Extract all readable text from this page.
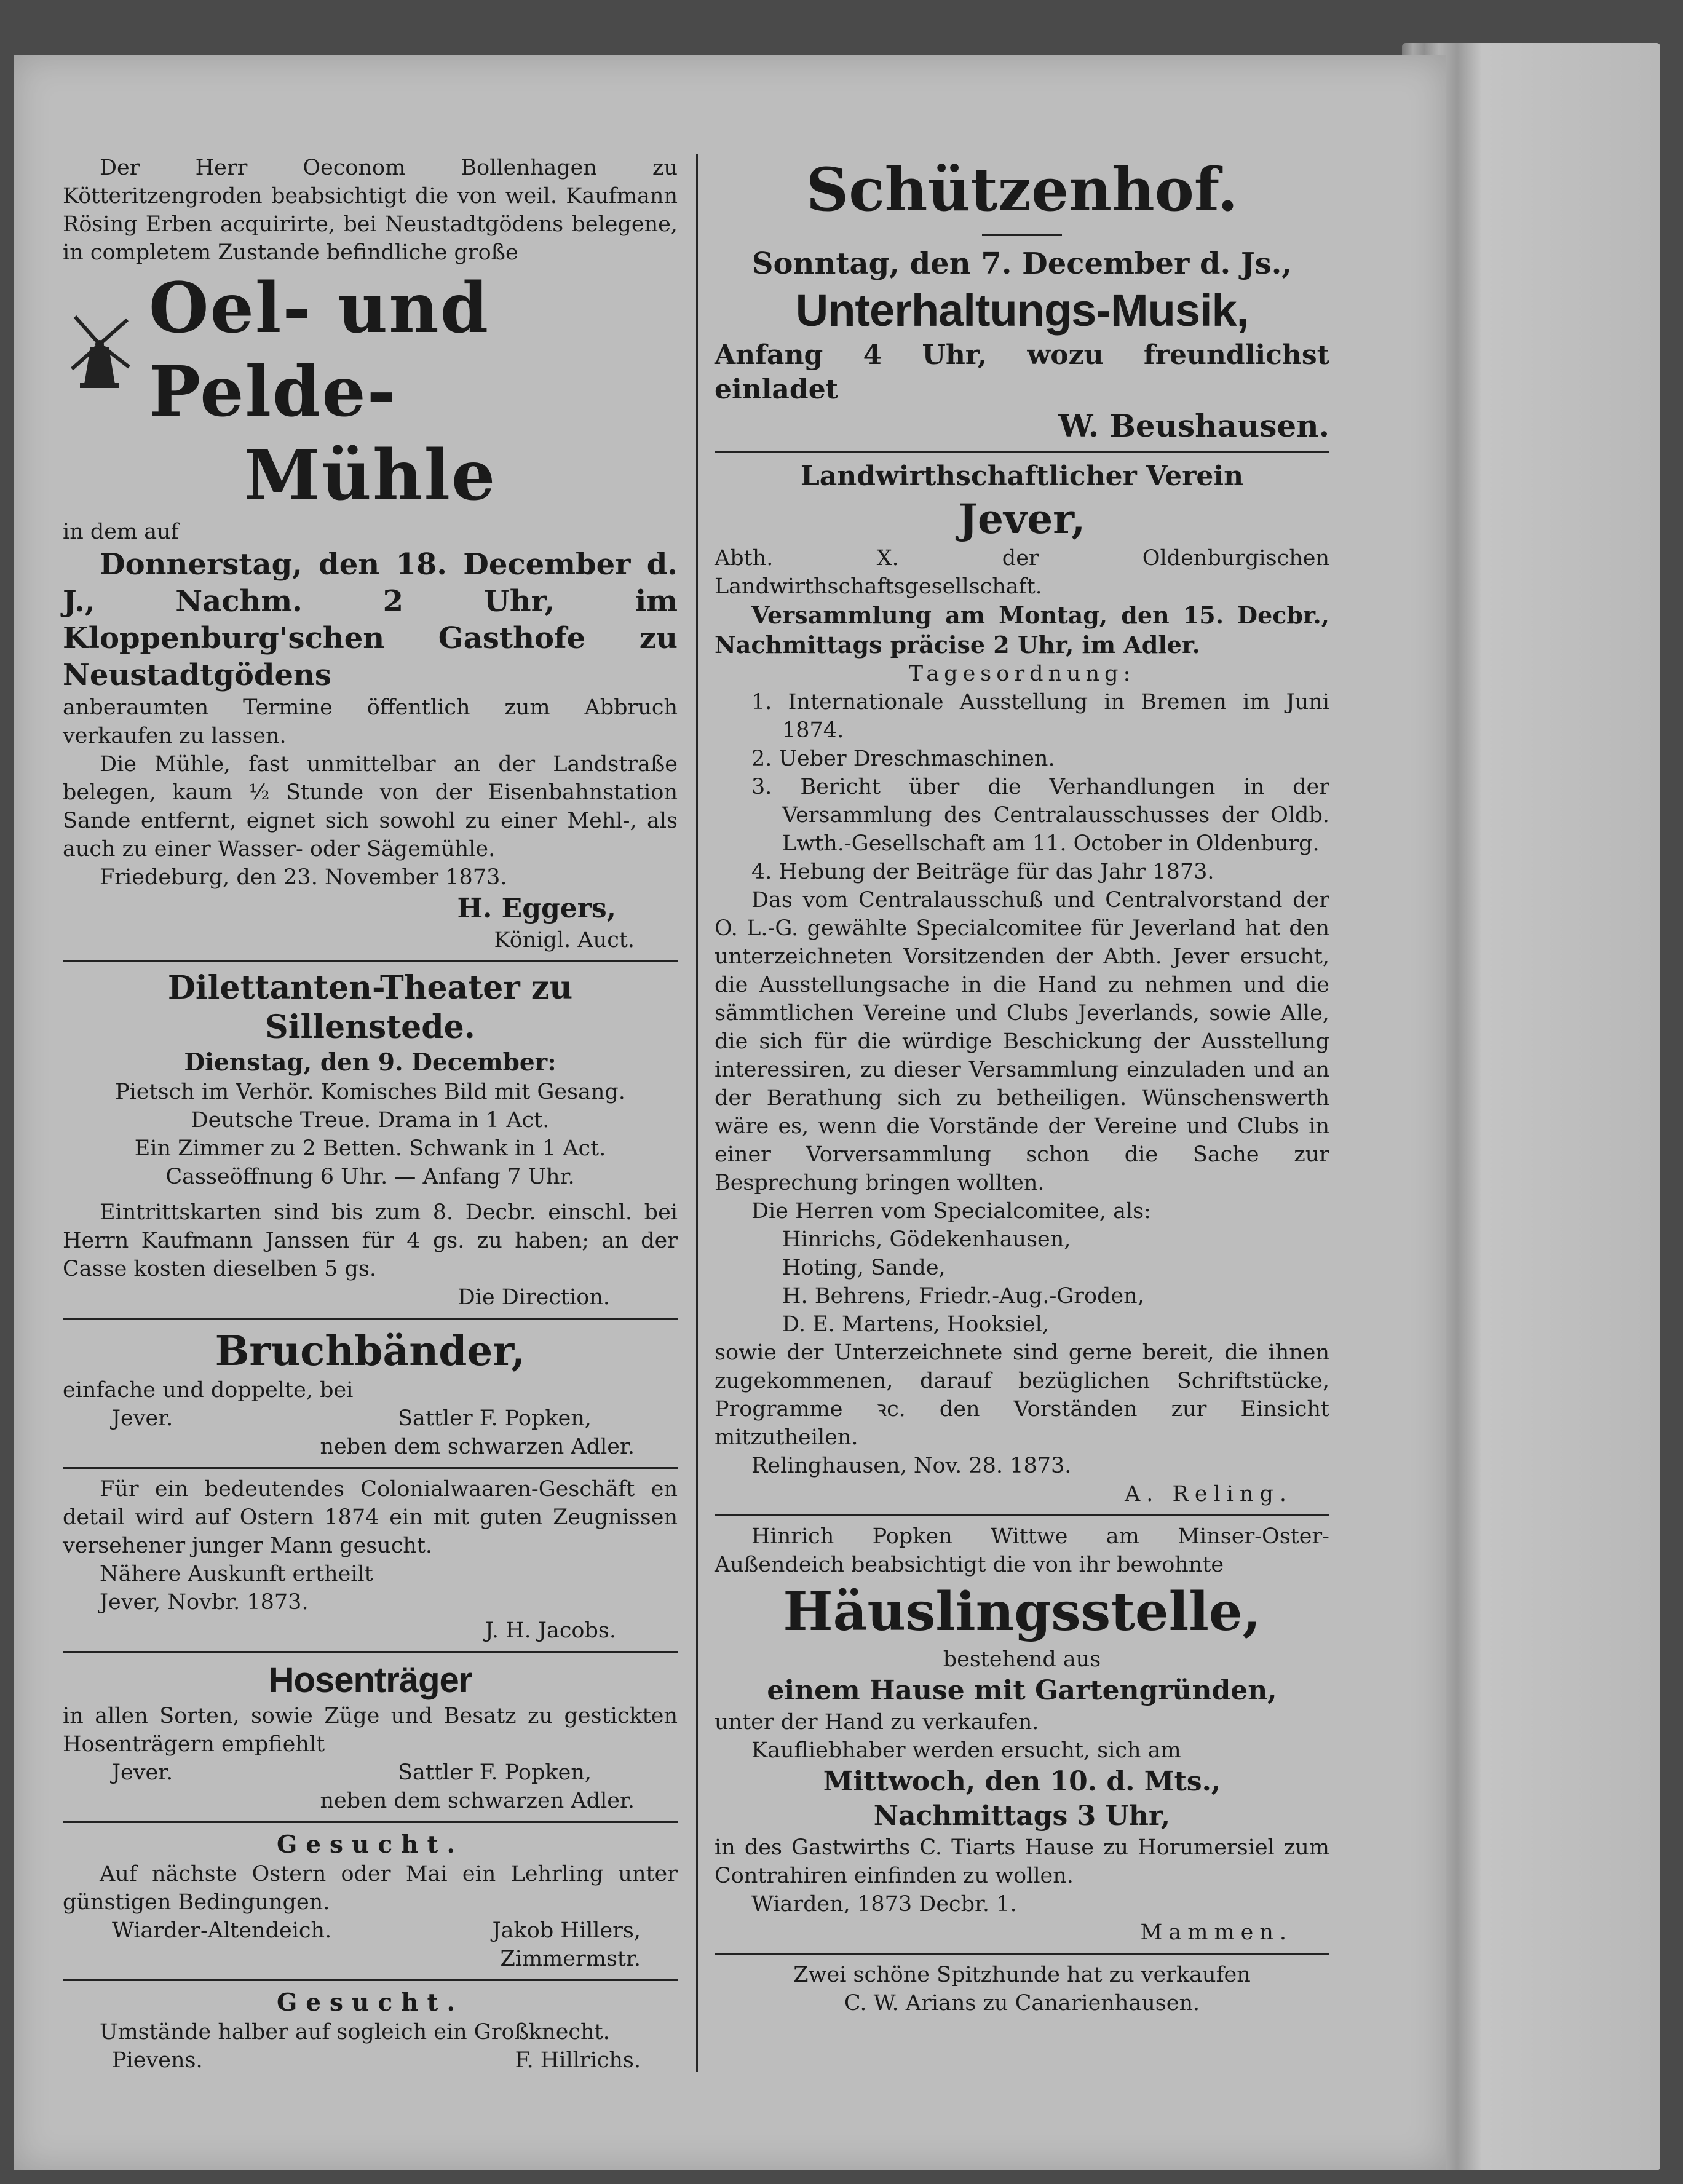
Der Herr Oeconom Bollenhagen zu Kötteritzengroden beabsichtigt die von weil. Kaufmann Rösing Erben acquirirte, bei Neustadtgödens belegene, in completem Zustande befindliche große

Oel- und Pelde-
Mühle

in dem auf

Donnerstag, den 18. December d. J., Nachm. 2 Uhr, im Kloppenburg'schen Gasthofe zu Neustadtgödens

anberaumten Termine öffentlich zum Abbruch verkaufen zu lassen.

Die Mühle, fast unmittelbar an der Landstraße belegen, kaum ½ Stunde von der Eisenbahnstation Sande entfernt, eignet sich sowohl zu einer Mehl-, als auch zu einer Wasser- oder Sägemühle.

Friedeburg, den 23. November 1873.

H. Eggers,

Königl. Auct.

Dilettanten-Theater zu Sillenstede.
Dienstag, den 9. December:

Pietsch im Verhör. Komisches Bild mit Gesang.

Deutsche Treue. Drama in 1 Act.

Ein Zimmer zu 2 Betten. Schwank in 1 Act.

Casseöffnung 6 Uhr. — Anfang 7 Uhr.

Eintrittskarten sind bis zum 8. Decbr. einschl. bei Herrn Kaufmann Janssen für 4 gs. zu haben; an der Casse kosten dieselben 5 gs.

Die Direction.

Bruchbänder,

einfache und doppelte, bei

Jever.	Sattler F. Popken,

neben dem schwarzen Adler.

Für ein bedeutendes Colonialwaaren-Geschäft en detail wird auf Ostern 1874 ein mit guten Zeugnissen versehener junger Mann gesucht.

Nähere Auskunft ertheilt

Jever, Novbr. 1873.

J. H. Jacobs.

Hosenträger

in allen Sorten, sowie Züge und Besatz zu gestickten Hosenträgern empfiehlt

Jever.	Sattler F. Popken,

neben dem schwarzen Adler.

Gesucht.

Auf nächste Ostern oder Mai ein Lehrling unter günstigen Bedingungen.

Wiarder-Altendeich.	Jakob Hillers,

Zimmermstr.

Gesucht.

Umstände halber auf sogleich ein Großknecht.

Pievens.	F. Hillrichs.
Schützenhof.
Sonntag, den 7. December d. Js.,
Unterhaltungs-Musik,

Anfang 4 Uhr, wozu freundlichst einladet

W. Beushausen.
Landwirthschaftlicher Verein
Jever,

Abth. X. der Oldenburgischen Landwirthschaftsgesellschaft.

Versammlung am Montag, den 15. Decbr., Nachmittags präcise 2 Uhr, im Adler.

Tagesordnung:

1. Internationale Ausstellung in Bremen im Juni 1874.
2. Ueber Dreschmaschinen.
3. Bericht über die Verhandlungen in der Versammlung des Centralausschusses der Oldb. Lwth.-Gesellschaft am 11. October in Oldenburg.
4. Hebung der Beiträge für das Jahr 1873.

Das vom Centralausschuß und Centralvorstand der O. L.-G. gewählte Specialcomitee für Jeverland hat den unterzeichneten Vorsitzenden der Abth. Jever ersucht, die Ausstellungsache in die Hand zu nehmen und die sämmtlichen Vereine und Clubs Jeverlands, sowie Alle, die sich für die würdige Beschickung der Ausstellung interessiren, zu dieser Versammlung einzuladen und an der Berathung sich zu betheiligen. Wünschenswerth wäre es, wenn die Vorstände der Vereine und Clubs in einer Vorversammlung schon die Sache zur Besprechung bringen wollten.

Die Herren vom Specialcomitee, als:

Hinrichs, Gödekenhausen,

Hoting, Sande,

H. Behrens, Friedr.-Aug.-Groden,

D. E. Martens, Hooksiel,

sowie der Unterzeichnete sind gerne bereit, die ihnen zugekommenen, darauf bezüglichen Schriftstücke, Programme ꝛc. den Vorständen zur Einsicht mitzutheilen.

Relinghausen, Nov. 28. 1873.

A. Reling.

Hinrich Popken Wittwe am Minser-Oster-Außendeich beabsichtigt die von ihr bewohnte

Häuslingsstelle,

bestehend aus

einem Hause mit Gartengründen,

unter der Hand zu verkaufen.

Kaufliebhaber werden ersucht, sich am

Mittwoch, den 10. d. Mts.,
Nachmittags 3 Uhr,

in des Gastwirths C. Tiarts Hause zu Horumersiel zum Contrahiren einfinden zu wollen.

Wiarden, 1873 Decbr. 1.

Mammen.

Zwei schöne Spitzhunde hat zu verkaufen

C. W. Arians zu Canarienhausen.
